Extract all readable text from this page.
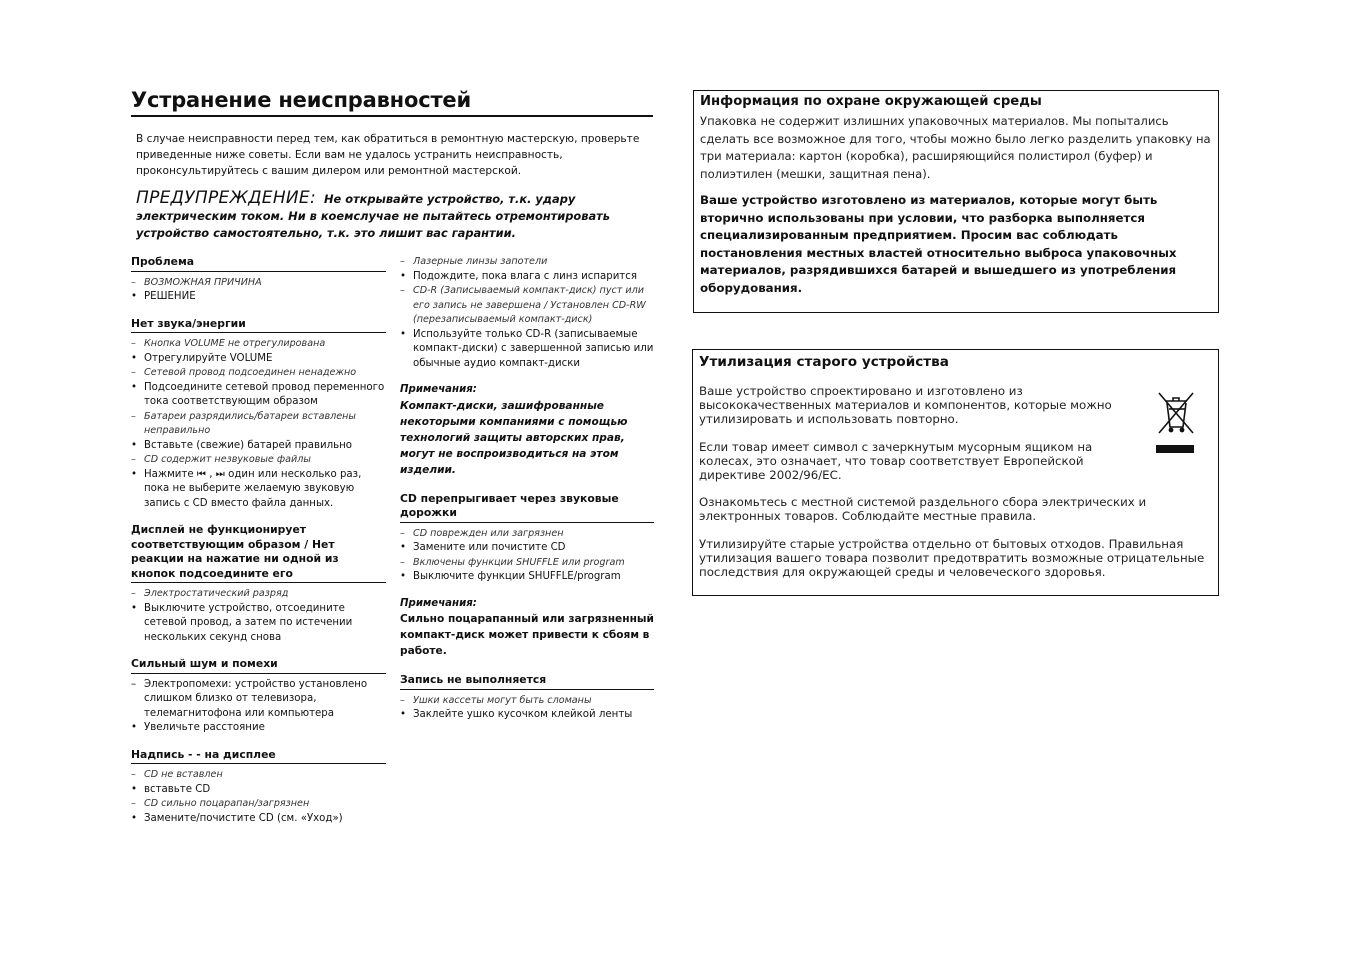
Устранение неисправностей
В случае неисправности перед тем, как обратиться в ремонтную мастерскую, проверьте приведенные ниже советы. Если вам не удалось устранить неисправность, проконсультируйтесь с вашим дилером или ремонтной мастерской.
ПРЕДУПРЕЖДЕНИЕ: Не открывайте устройство, т.к. удару электрическим током. Ни в коемслучае не пытайтесь отремонтировать устройство самостоятельно, т.к. это лишит вас гарантии.
Проблема
– ВОЗМОЖНАЯ ПРИЧИНА
• РЕШЕНИЕ
Нет звука/энергии
– Кнопка VOLUME не отрегулирована
• Отрегулируйте VOLUME
– Сетевой провод подсоединен ненадежно
• Подсоедините сетевой провод переменного тока соответствующим образом
– Батареи разрядились/батареи вставлены неправильно
• Вставьте (свежие) батарей правильно
– CD содержит незвуковые файлы
• Нажмите ⏮ , ⏭ один или несколько раз, пока не выберите желаемую звуковую запись с CD вместо файла данных.
Дисплей не функционирует соответствующим образом / Нет реакции на нажатие ни одной из кнопок подсоедините его
– Электростатический разряд
• Выключите устройство, отсоедините сетевой провод, а затем по истечении нескольких секунд снова
Сильный шум и помехи
– Электропомехи: устройство установлено слишком близко от телевизора, телемагнитофона или компьютера
• Увеличьте расстояние
Надпись - - на дисплее
– CD не вставлен
• вставьте CD
– CD сильно поцарапан/загрязнен
• Замените/почистите CD (см. «Уход»)
– Лазерные линзы запотели
• Подождите, пока влага с линз испарится
– CD-R (Записываемый компакт-диск) пуст или его запись не завершена / Установлен CD-RW (перезаписываемый компакт-диск)
• Используйте только CD-R (записываемые компакт-диски) с завершенной записью или обычные аудио компакт-диски
Примечания:
Компакт-диски, зашифрованные некоторыми компаниями с помощью технологий защиты авторских прав, могут не воспроизводиться на этом изделии.
CD перепрыгивает через звуковые дорожки
– CD поврежден или загрязнен
• Замените или почистите CD
– Включены функции SHUFFLE или program
• Выключите функции SHUFFLE/program
Примечания:
Сильно поцарапанный или загрязненный компакт-диск может привести к сбоям в работе.
Запись не выполняется
– Ушки кассеты могут быть сломаны
• Заклейте ушко кусочком клейкой ленты
Информация по охране окружающей среды
Упаковка не содержит излишних упаковочных материалов. Мы попытались сделать все возможное для того, чтобы можно было легко разделить упаковку на три материала: картон (коробка), расширяющийся полистирол (буфер) и полиэтилен (мешки, защитная пена).
Ваше устройство изготовлено из материалов, которые могут быть вторично использованы при условии, что разборка выполняется специализированным предприятием. Просим вас соблюдать постановления местных властей относительно выброса упаковочных материалов, разрядившихся батарей и вышедшего из употребления оборудования.
Утилизация старого устройства
Ваше устройство спроектировано и изготовлено из высококачественных материалов и компонентов, которые можно утилизировать и использовать повторно.
Если товар имеет символ с зачеркнутым мусорным ящиком на колесах, это означает, что товар соответствует Европейской директиве 2002/96/EC.
Ознакомьтесь с местной системой раздельного сбора электрических и электронных товаров. Соблюдайте местные правила.
Утилизируйте старые устройства отдельно от бытовых отходов. Правильная утилизация вашего товара позволит предотвратить возможные отрицательные последствия для окружающей среды и человеческого здоровья.
